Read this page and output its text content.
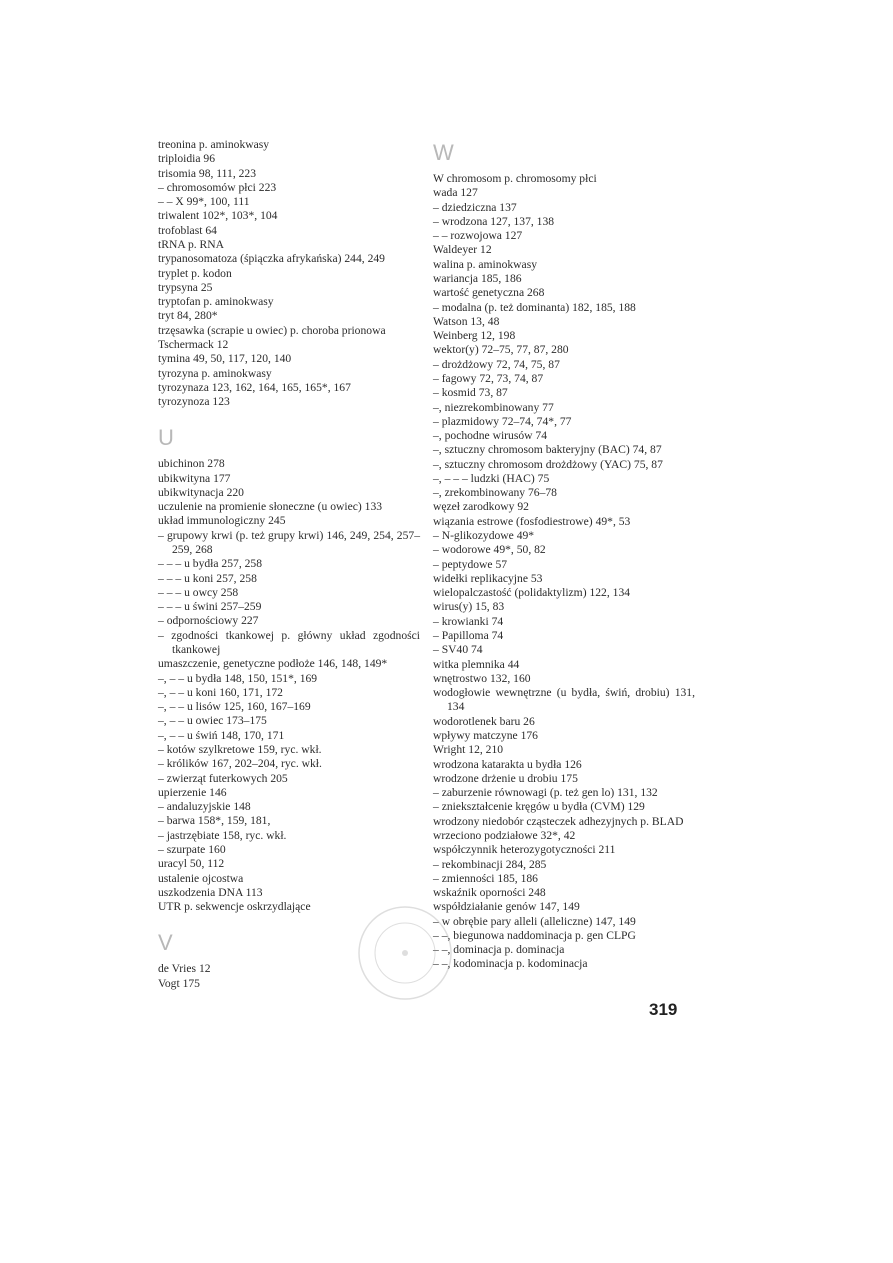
treonina p. aminokwasy
triploidia 96
trisomia 98, 111, 223
– chromosomów płci 223
– – X 99*, 100, 111
triwalent 102*, 103*, 104
trofoblast 64
tRNA p. RNA
trypanosomatoza (śpiączka afrykańska) 244, 249
tryplet p. kodon
trypsyna 25
tryptofan p. aminokwasy
tryt 84, 280*
trzęsawka (scrapie u owiec) p. choroba prionowa
Tschermack 12
tymina 49, 50, 117, 120, 140
tyrozyna p. aminokwasy
tyrozynaza 123, 162, 164, 165, 165*, 167
tyrozynoza 123
U
ubichinon 278
ubikwityna 177
ubikwitynacja 220
uczulenie na promienie słoneczne (u owiec) 133
układ immunologiczny 245
– grupowy krwi (p. też grupy krwi) 146, 249, 254, 257–259, 268
– – – u bydła 257, 258
– – – u koni 257, 258
– – – u owcy 258
– – – u świni 257–259
– odpornościowy 227
– zgodności tkankowej p. główny układ zgodności tkankowej
umaszczenie, genetyczne podłoże 146, 148, 149*
–, – – u bydła 148, 150, 151*, 169
–, – – u koni 160, 171, 172
–, – – u lisów 125, 160, 167–169
–, – – u owiec 173–175
–, – – u świń 148, 170, 171
– kotów szylkretowe 159, ryc. wkł.
– królików 167, 202–204, ryc. wkł.
– zwierząt futerkowych 205
upierzenie 146
– andaluzyjskie 148
– barwa 158*, 159, 181,
– jastrzębiate 158, ryc. wkł.
– szurpate 160
uracyl 50, 112
ustalenie ojcostwa
uszkodzenia DNA 113
UTR p. sekwencje oskrzydlające
V
de Vries 12
Vogt 175
W
W chromosom p. chromosomy płci
wada 127
– dziedziczna 137
– wrodzona 127, 137, 138
– – rozwojowa 127
Waldeyer 12
walina p. aminokwasy
wariancja 185, 186
wartość genetyczna 268
– modalna (p. też dominanta) 182, 185, 188
Watson 13, 48
Weinberg 12, 198
wektor(y) 72–75, 77, 87, 280
– drożdżowy 72, 74, 75, 87
– fagowy 72, 73, 74, 87
– kosmid 73, 87
–, niezrekombinowany 77
– plazmidowy 72–74, 74*, 77
–, pochodne wirusów 74
–, sztuczny chromosom bakteryjny (BAC) 74, 87
–, sztuczny chromosom drożdżowy (YAC) 75, 87
–, – – – ludzki (HAC) 75
–, zrekombinowany 76–78
węzeł zarodkowy 92
wiązania estrowe (fosfodiestrowe) 49*, 53
– N-glikozydowe 49*
– wodorowe 49*, 50, 82
– peptydowe 57
widełki replikacyjne 53
wielopalczastość (polidaktylizm) 122, 134
wirus(y) 15, 83
– krowianki 74
– Papilloma 74
– SV40 74
witka plemnika 44
wnętrostwo 132, 160
wodogłowie wewnętrzne (u bydła, świń, drobiu) 131, 134
wodorotlenek baru 26
wpływy matczyne 176
Wright 12, 210
wrodzona katarakta u bydła 126
wrodzone drżenie u drobiu 175
– zaburzenie równowagi (p. też gen lo) 131, 132
– zniekształcenie kręgów u bydła (CVM) 129
wrodzony niedobór cząsteczek adhezyjnych p. BLAD
wrzeciono podziałowe 32*, 42
współczynnik heterozygotyczności 211
– rekombinacji 284, 285
– zmienności 185, 186
wskaźnik oporności 248
współdziałanie genów 147, 149
– w obrębie pary alleli (alleliczne) 147, 149
– –, biegunowa naddominacja p. gen CLPG
– –, dominacja p. dominacja
– –, kodominacja p. kodominacja
319
